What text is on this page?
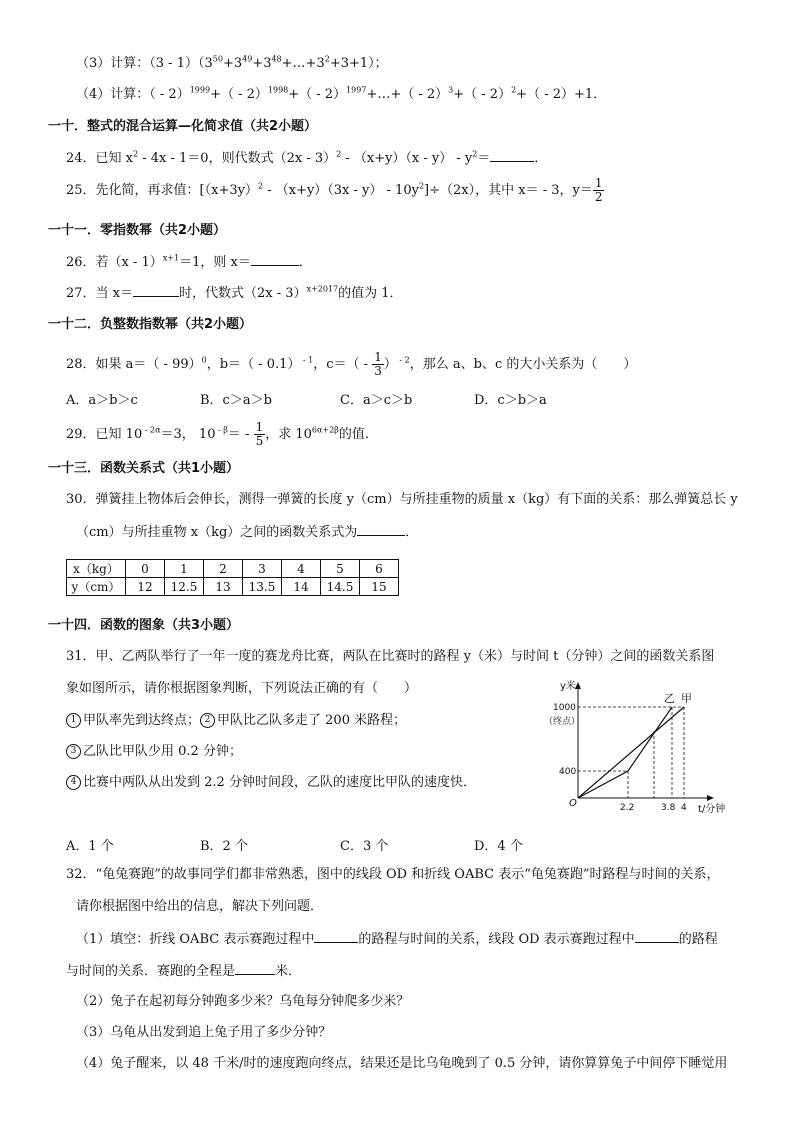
（3）计算：$(3 - 1)(3^{50}+3^{49}+3^{48}+\dots+3^2+3+1)$；
（4）计算：（ - 2）$^{1999}$+（ - 2）$^{1998}$+（ - 2）$^{1997}$+…+（ - 2）$^3$+（ - 2）$^2$+（ - 2）+1．
一十．整式的混合运算—化简求值（共2小题）
24．已知 $x^2 - 4x - 1=0$，则代数式$(2x - 3)^2 - (x+y)(x - y) - y^2=$	．
25．先化简，再求值：$[(x+3y)^2 - (x+y)(3x - y) - 10y^2]\div(2x)$，其中 x＝ - 3，$y= \frac{1}{2}$
一十一．零指数幂（共2小题）
26．若（x - 1）$^{x+1}$＝1，则 x＝	．
27．当 x＝	时，代数式（2x - 3）$^{x+2017}$的值为 1．
一十二．负整数指数幂（共2小题）
28．如果 a＝（ - 99）$^0$，b＝（ - 0.1） $^{- 1}$，$c=( - \frac{1}{3}$ ） $^{- 2}$，那么 a、b、c 的大小关系为（　　）
A．a＞b＞c	B．c＞a＞b	C．a＞c＞b	D．c＞b＞a
29．已知 10 $^{- 2\alpha}$＝3， 10 $^{- \beta}= - \frac{1}{5}$ ，求 $10^{6\alpha+2\beta}$的值．
一十三．函数关系式（共1小题）
30．弹簧挂上物体后会伸长，测得一弹簧的长度 y（cm）与所挂重物的质量 x（kg）有下面的关系：那么弹簧总长 y
（cm）与所挂重物 x（kg）之间的函数关系式为	．
x（kg）	0	1	2	3	4	5	6
y（cm）	12	12.5	13	13.5	14	14.5	15
一十四．函数的图象（共3小题）
31．甲、乙两队举行了一年一度的赛龙舟比赛，两队在比赛时的路程 y（米）与时间 t（分钟）之间的函数关系图
象如图所示，请你根据图象判断，下列说法正确的有（　　）
1 甲队率先到达终点； 2 甲队比乙队多走了 200 米路程；
3 乙队比甲队少用 0.2 分钟；
4 比赛中两队从出发到 2.2 分钟时间段，乙队的速度比甲队的速度快．
y米
1000
（终点）
400
O	2.2	3.8 4 t/分钟
乙 甲
A．1 个	B．2 个	C．3 个	D．4 个
32．“龟兔赛跑”的故事同学们都非常熟悉，图中的线段 OD 和折线 OABC 表示“龟兔赛跑”时路程与时间的关系，
请你根据图中给出的信息，解决下列问题．
（1）填空：折线 OABC 表示赛跑过程中	的路程与时间的关系，线段 OD 表示赛跑过程中	的路程
与时间的关系．赛跑的全程是	米．
（2）兔子在起初每分钟跑多少米？乌龟每分钟爬多少米？
（3）乌龟从出发到追上兔子用了多少分钟？
（4）兔子醒来，以 48 千米/时的速度跑向终点，结果还是比乌龟晚到了 0.5 分钟，请你算算兔子中间停下睡觉用
